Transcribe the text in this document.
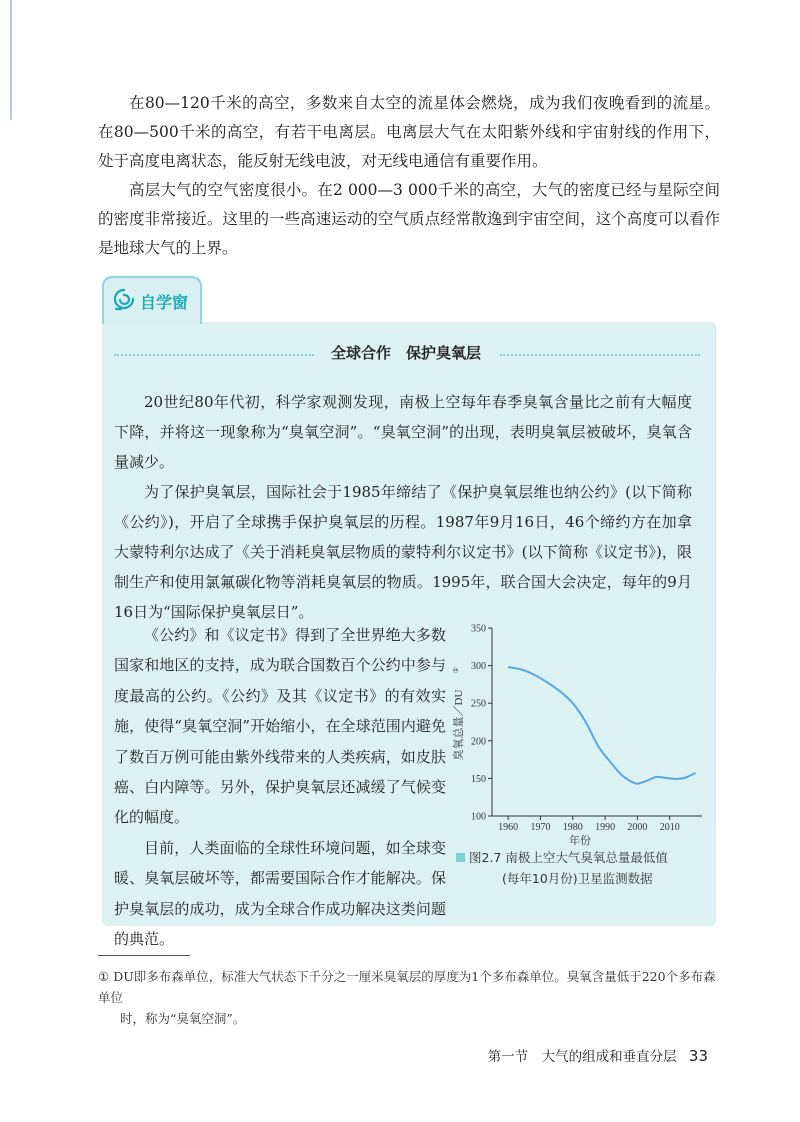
在80—120千米的高空，多数来自太空的流星体会燃烧，成为我们夜晚看到的流星。在80—500千米的高空，有若干电离层。电离层大气在太阳紫外线和宇宙射线的作用下，处于高度电离状态，能反射无线电波，对无线电通信有重要作用。

高层大气的空气密度很小。在2 000—3 000千米的高空，大气的密度已经与星际空间的密度非常接近。这里的一些高速运动的空气质点经常散逸到宇宙空间，这个高度可以看作是地球大气的上界。

自学窗
全球合作　保护臭氧层

20世纪80年代初，科学家观测发现，南极上空每年春季臭氧含量比之前有大幅度下降，并将这一现象称为“臭氧空洞”。“臭氧空洞”的出现，表明臭氧层被破坏，臭氧含量减少。

为了保护臭氧层，国际社会于1985年缔结了《保护臭氧层维也纳公约》(以下简称《公约》)，开启了全球携手保护臭氧层的历程。1987年9月16日，46个缔约方在加拿大蒙特利尔达成了《关于消耗臭氧层物质的蒙特利尔议定书》(以下简称《议定书》)，限制生产和使用氯氟碳化物等消耗臭氧层的物质。1995年，联合国大会决定，每年的9月16日为“国际保护臭氧层日”。

《公约》和《议定书》得到了全世界绝大多数国家和地区的支持，成为联合国数百个公约中参与度最高的公约。《公约》及其《议定书》的有效实施，使得“臭氧空洞”开始缩小，在全球范围内避免了数百万例可能由紫外线带来的人类疾病，如皮肤癌、白内障等。另外，保护臭氧层还减缓了气候变化的幅度。

目前，人类面临的全球性环境问题，如全球变暖、臭氧层破坏等，都需要国际合作才能解决。保护臭氧层的成功，成为全球合作成功解决这类问题的典范。

臭氧总量／DU
①
100
150
200
250
300
350
1960 1970 1980 1990 2000 2010
年份
图2.7 南极上空大气臭氧总量最低值
(每年10月份)卫星监测数据
① DU即多布森单位，标准大气状态下千分之一厘米臭氧层的厚度为1个多布森单位。臭氧含量低于220个多布森单位
时，称为“臭氧空洞”。
第一节　大气的组成和垂直分层 33
